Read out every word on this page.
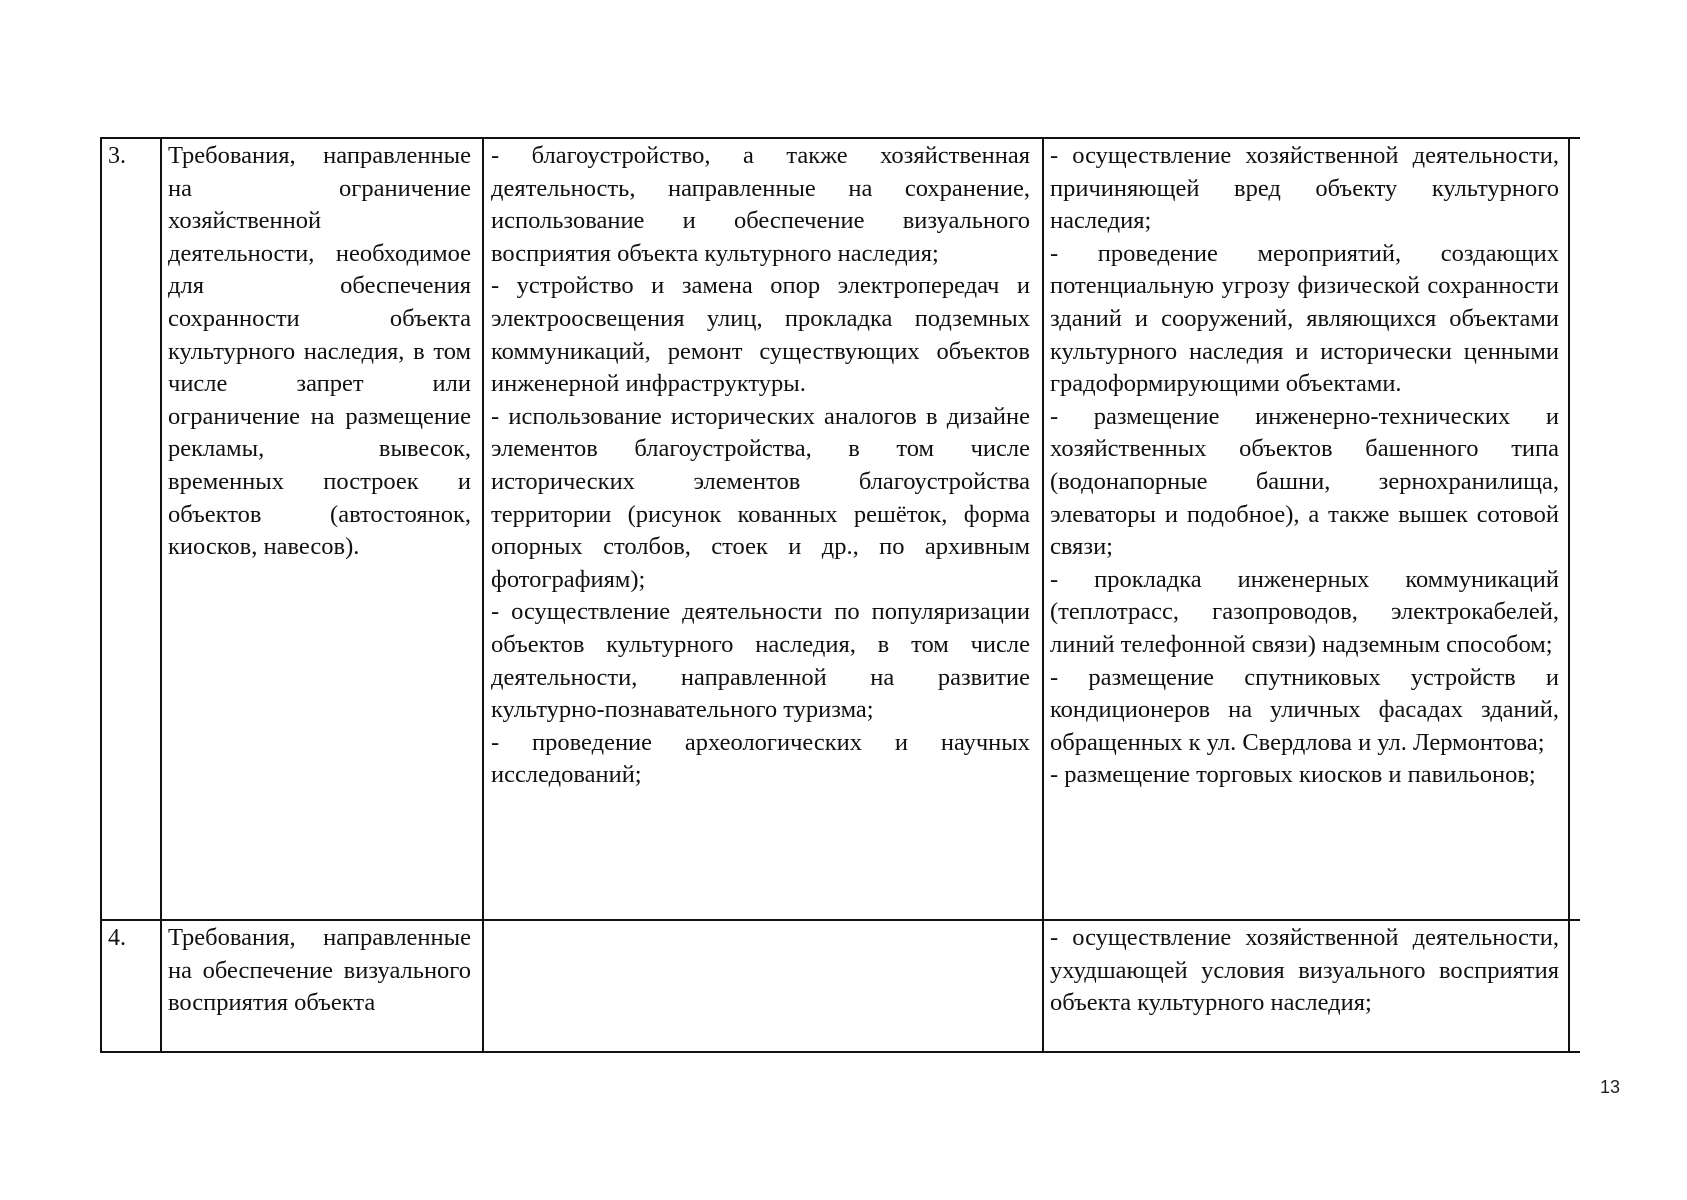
3.	Требования, направленные на ограничение хозяйственной деятельности, необходимое для обеспечения сохранности объекта культурного наследия, в том числе запрет или ограничение на размещение рекламы, вывесок, временных построек и объектов (автостоянок, киосков, навесов).
- благоустройство, а также хозяйственная деятельность, направленные на сохранение, использование и обеспечение визуального восприятия объекта культурного наследия;
- устройство и замена опор электропередач и электроосвещения улиц, прокладка подземных коммуникаций, ремонт существующих объектов инженерной инфраструктуры.
- использование исторических аналогов в дизайне элементов благоустройства, в том числе исторических элементов благоустройства территории (рисунок кованных решёток, форма опорных столбов, стоек и др., по архивным фотографиям);
- осуществление деятельности по популяризации объектов культурного наследия, в том числе деятельности, направленной на развитие культурно-познавательного туризма;
- проведение археологических и научных исследований;
- осуществление хозяйственной деятельности, причиняющей вред объекту культурного наследия;
- проведение мероприятий, создающих потенциальную угрозу физической сохранности зданий и сооружений, являющихся объектами культурного наследия и исторически ценными градоформирующими объектами.
- размещение инженерно-технических и хозяйственных объектов башенного типа (водонапорные башни, зернохранилища, элеваторы и подобное), а также вышек сотовой связи;
- прокладка инженерных коммуникаций (теплотрасс, газопроводов, электрокабелей, линий телефонной связи) надземным способом;
- размещение спутниковых устройств и кондиционеров на уличных фасадах зданий, обращенных к ул. Свердлова и ул. Лермонтова;
- размещение торговых киосков и павильонов;
4.	Требования, направленные на обеспечение визуального восприятия объекта
- осуществление хозяйственной деятельности, ухудшающей условия визуального восприятия объекта культурного наследия;
13
